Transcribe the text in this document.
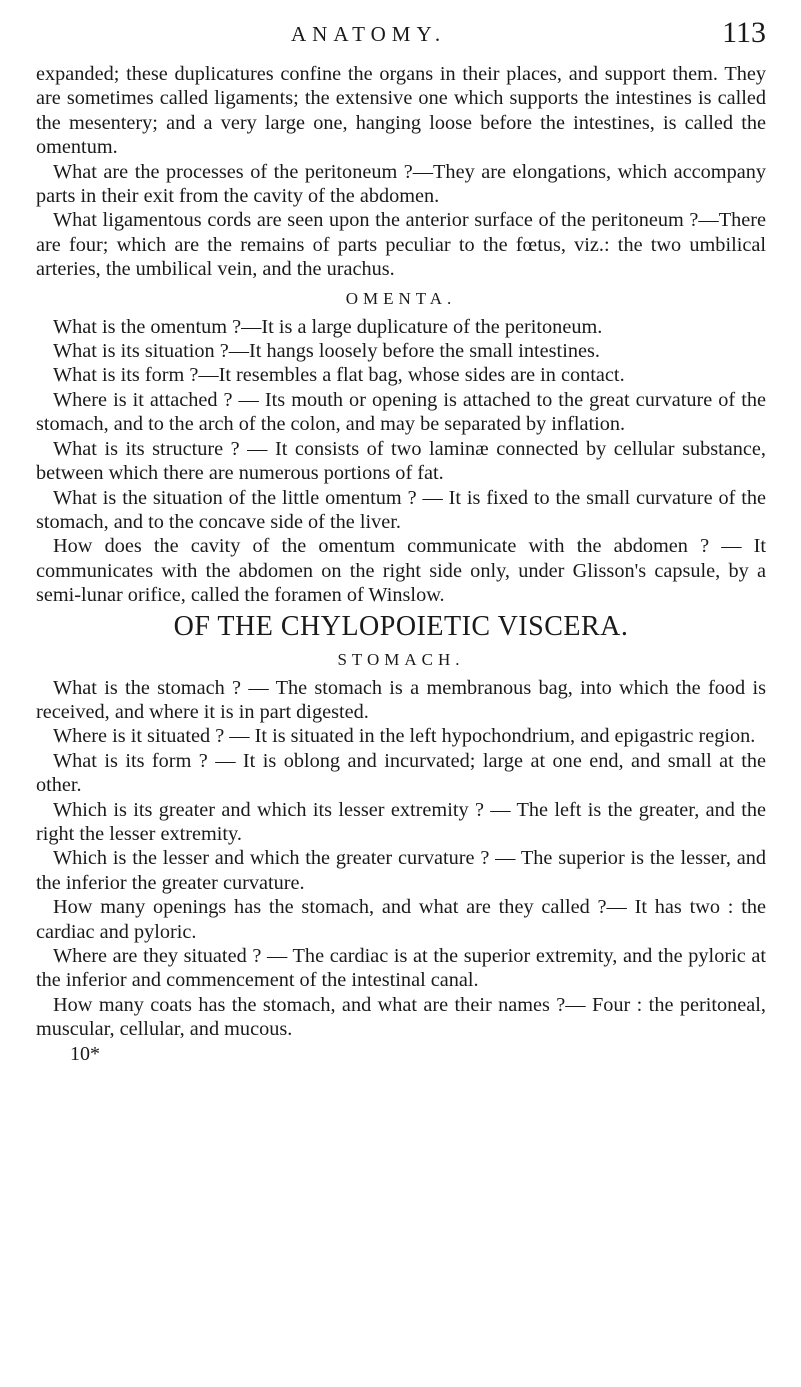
ANATOMY.	113

expanded; these duplicatures confine the organs in their places, and support them. They are sometimes called ligaments; the extensive one which supports the intestines is called the mesentery; and a very large one, hanging loose before the intestines, is called the omentum.

What are the processes of the peritoneum ?—They are elongations, which accompany parts in their exit from the cavity of the abdomen.

What ligamentous cords are seen upon the anterior surface of the peritoneum ?—There are four; which are the remains of parts peculiar to the fœtus, viz.: the two umbilical arteries, the umbilical vein, and the urachus.

OMENTA.

What is the omentum ?—It is a large duplicature of the peritoneum.

What is its situation ?—It hangs loosely before the small intestines.

What is its form ?—It resembles a flat bag, whose sides are in contact.

Where is it attached ? — Its mouth or opening is attached to the great curvature of the stomach, and to the arch of the colon, and may be separated by inflation.

What is its structure ? — It consists of two laminæ connected by cellular substance, between which there are numerous portions of fat.

What is the situation of the little omentum ? — It is fixed to the small curvature of the stomach, and to the concave side of the liver.

How does the cavity of the omentum communicate with the abdomen ? — It communicates with the abdomen on the right side only, under Glisson's capsule, by a semi-lunar orifice, called the foramen of Winslow.

OF THE CHYLOPOIETIC VISCERA.
STOMACH.

What is the stomach ? — The stomach is a membranous bag, into which the food is received, and where it is in part digested.

Where is it situated ? — It is situated in the left hypochondrium, and epigastric region.

What is its form ? — It is oblong and incurvated; large at one end, and small at the other.

Which is its greater and which its lesser extremity ? — The left is the greater, and the right the lesser extremity.

Which is the lesser and which the greater curvature ? — The superior is the lesser, and the inferior the greater curvature.

How many openings has the stomach, and what are they called ?— It has two : the cardiac and pyloric.

Where are they situated ? — The cardiac is at the superior extremity, and the pyloric at the inferior and commencement of the intestinal canal.

How many coats has the stomach, and what are their names ?— Four : the peritoneal, muscular, cellular, and mucous.

10*
